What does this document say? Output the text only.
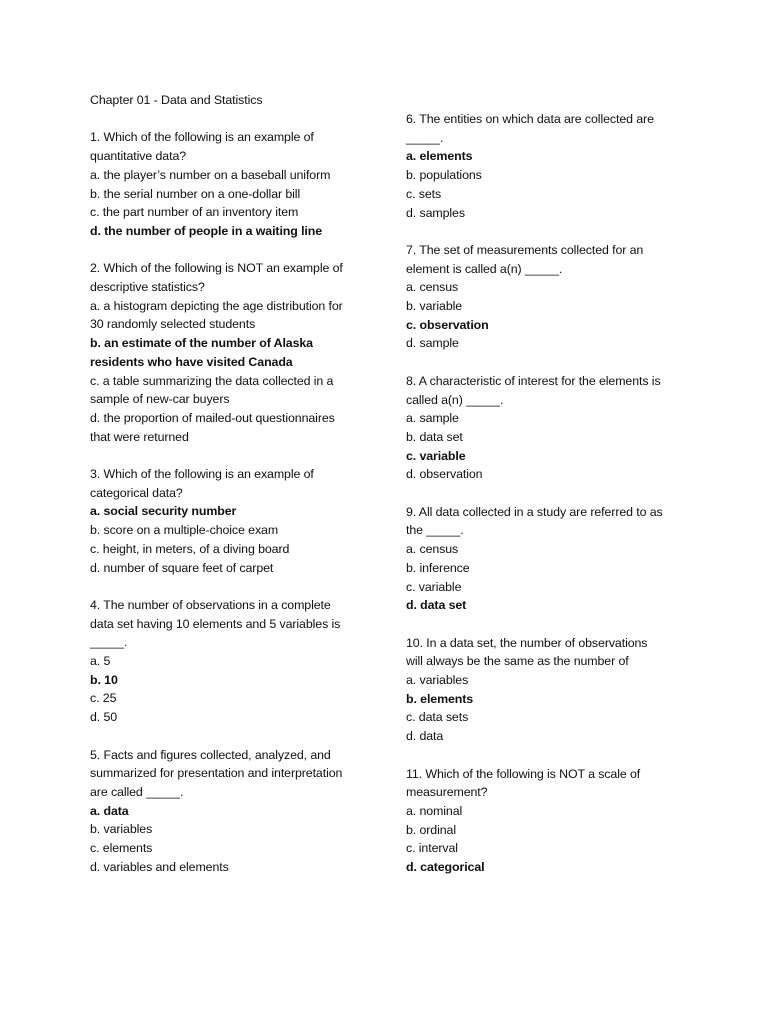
Chapter 01 - Data and Statistics
1. Which of the following is an example of
quantitative data?
a. the player’s number on a baseball uniform
b. the serial number on a one-dollar bill
c. the part number of an inventory item
d. the number of people in a waiting line
2. Which of the following is NOT an example of
descriptive statistics?
a. a histogram depicting the age distribution for
30 randomly selected students
b. an estimate of the number of Alaska
residents who have visited Canada
c. a table summarizing the data collected in a
sample of new-car buyers
d. the proportion of mailed-out questionnaires
that were returned
3. Which of the following is an example of
categorical data?
a. social security number
b. score on a multiple-choice exam
c. height, in meters, of a diving board
d. number of square feet of carpet
4. The number of observations in a complete
data set having 10 elements and 5 variables is
_____.
a. 5
b. 10
c. 25
d. 50
5. Facts and figures collected, analyzed, and
summarized for presentation and interpretation
are called _____.
a. data
b. variables
c. elements
d. variables and elements
6. The entities on which data are collected are
_____.
a. elements
b. populations
c. sets
d. samples
7. The set of measurements collected for an
element is called a(n) _____.
a. census
b. variable
c. observation
d. sample
8. A characteristic of interest for the elements is
called a(n) _____.
a. sample
b. data set
c. variable
d. observation
9. All data collected in a study are referred to as
the _____.
a. census
b. inference
c. variable
d. data set
10. In a data set, the number of observations
will always be the same as the number of
a. variables
b. elements
c. data sets
d. data
11. Which of the following is NOT a scale of
measurement?
a. nominal
b. ordinal
c. interval
d. categorical
